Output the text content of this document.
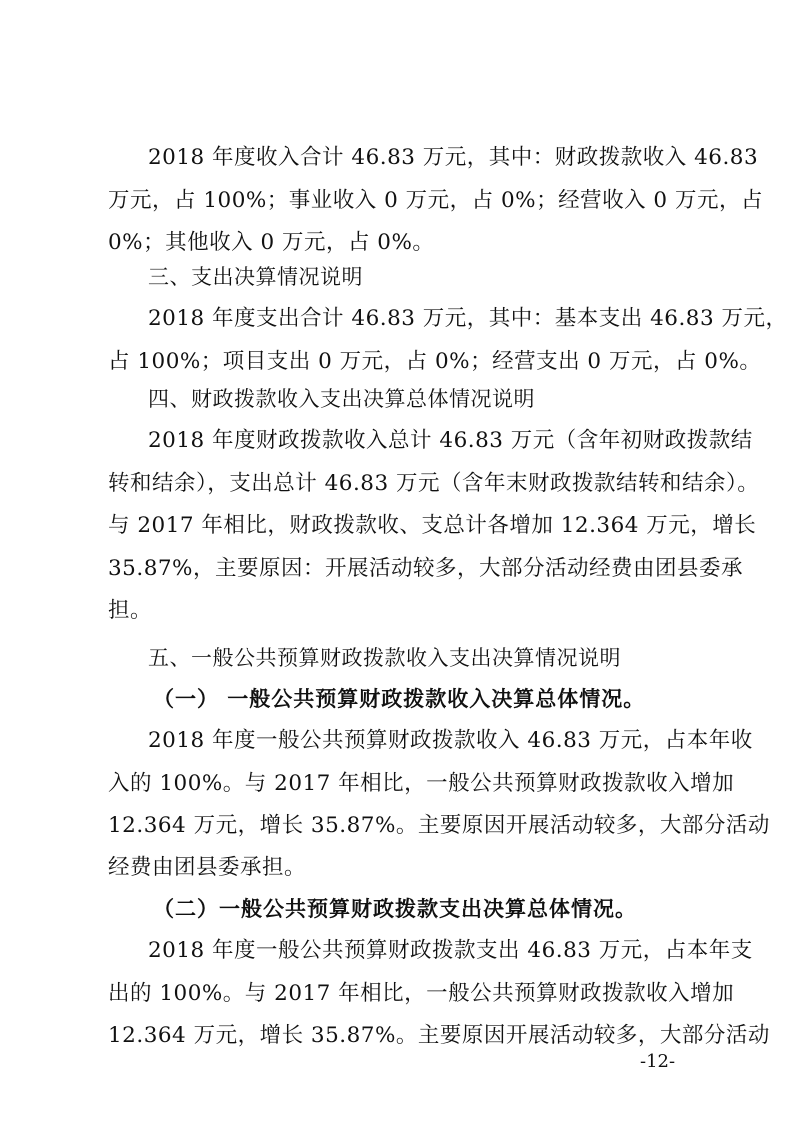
2018 年度收入合计 46.83 万元，其中：财政拨款收入 46.83
万元，占 100%；事业收入 0 万元，占 0%；经营收入 0 万元，占
0%；其他收入 0 万元，占 0%。
三、支出决算情况说明
2018 年度支出合计 46.83 万元，其中：基本支出 46.83 万元，
占 100%；项目支出 0 万元，占 0%；经营支出 0 万元，占 0%。
四、财政拨款收入支出决算总体情况说明
2018 年度财政拨款收入总计 46.83 万元（含年初财政拨款结
转和结余），支出总计 46.83 万元（含年末财政拨款结转和结余）。
与 2017 年相比，财政拨款收、支总计各增加 12.364 万元，增长
35.87%，主要原因：开展活动较多，大部分活动经费由团县委承
担。
五、一般公共预算财政拨款收入支出决算情况说明
（一） 一般公共预算财政拨款收入决算总体情况。
2018 年度一般公共预算财政拨款收入 46.83 万元，占本年收
入的 100%。与 2017 年相比，一般公共预算财政拨款收入增加
12.364 万元，增长 35.87%。主要原因开展活动较多，大部分活动
经费由团县委承担。
（二）一般公共预算财政拨款支出决算总体情况。
2018 年度一般公共预算财政拨款支出 46.83 万元，占本年支
出的 100%。与 2017 年相比，一般公共预算财政拨款收入增加
12.364 万元，增长 35.87%。主要原因开展活动较多，大部分活动
-12-
